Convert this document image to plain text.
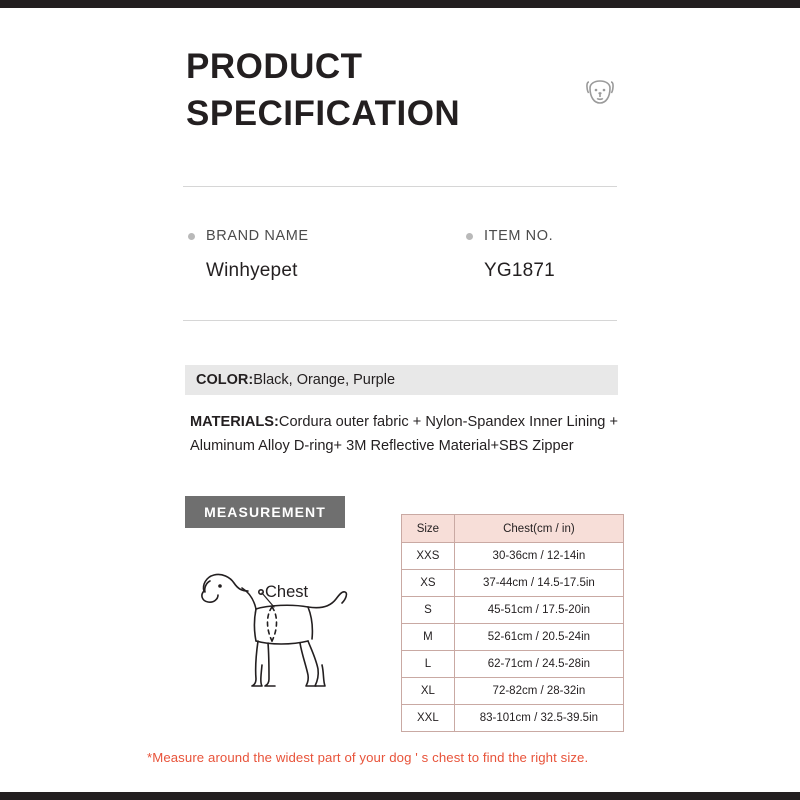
PRODUCT
SPECIFICATION
BRAND NAME
Winhyepet
ITEM NO.
YG1871
COLOR:Black, Orange, Purple
MATERIALS:Cordura outer fabric + Nylon-Spandex Inner Lining + Aluminum Alloy D-ring+ 3M Reflective Material+SBS Zipper
MEASUREMENT
Chest
Size	Chest(cm / in)
XXS	30-36cm / 12-14in
XS	37-44cm / 14.5-17.5in
S	45-51cm / 17.5-20in
M	52-61cm / 20.5-24in
L	62-71cm / 24.5-28in
XL	72-82cm / 28-32in
XXL	83-101cm / 32.5-39.5in
*Measure around the widest part of your dog ' s chest to find the right size.
